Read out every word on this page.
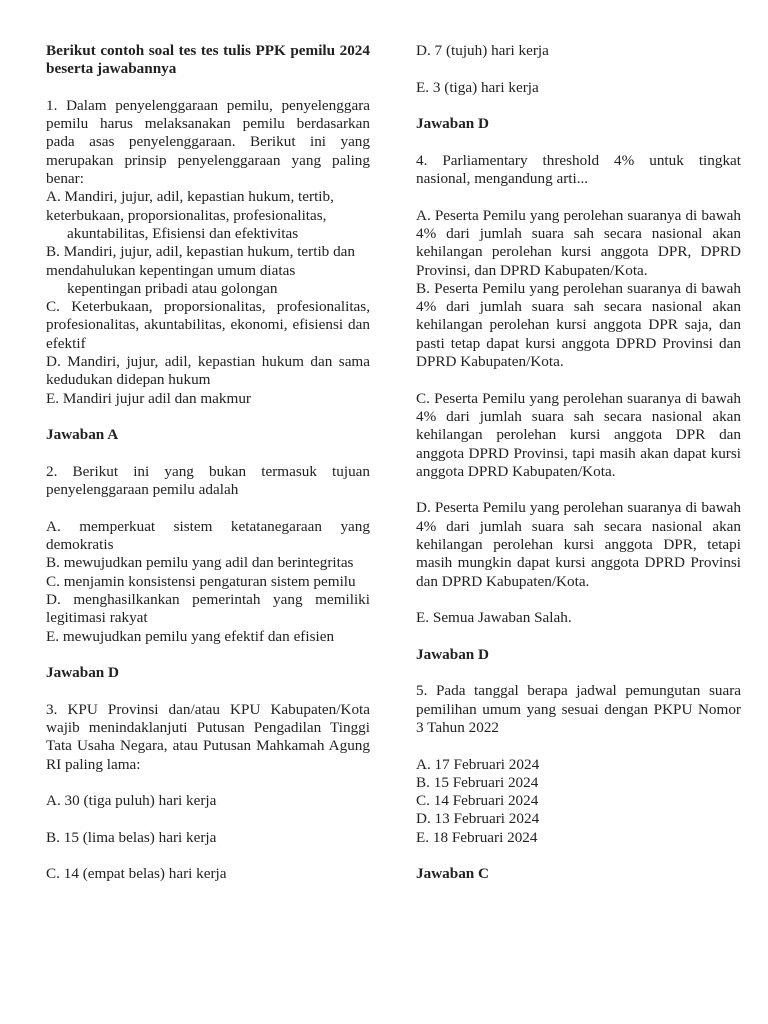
Berikut contoh soal tes tes tulis PPK pemilu 2024 beserta jawabannya

1. Dalam penyelenggaraan pemilu, penyelenggara pemilu harus melaksanakan pemilu berdasarkan pada asas penyelenggaraan. Berikut ini yang merupakan prinsip penyelenggaraan yang paling benar:

A. Mandiri, jujur, adil, kepastian hukum, tertib, keterbukaan, proporsionalitas, profesionalitas,
akuntabilitas, Efisiensi dan efektivitas

B. Mandiri, jujur, adil, kepastian hukum, tertib dan mendahulukan kepentingan umum diatas
kepentingan pribadi atau golongan

C. Keterbukaan, proporsionalitas, profesionalitas, profesionalitas, akuntabilitas, ekonomi, efisiensi dan efektif

D. Mandiri, jujur, adil, kepastian hukum dan sama kedudukan didepan hukum

E. Mandiri jujur adil dan makmur

Jawaban A

2. Berikut ini yang bukan termasuk tujuan penyelenggaraan pemilu adalah

A. memperkuat sistem ketatanegaraan yang demokratis

B. mewujudkan pemilu yang adil dan berintegritas

C. menjamin konsistensi pengaturan sistem pemilu

D. menghasilkankan pemerintah yang memiliki legitimasi rakyat

E. mewujudkan pemilu yang efektif dan efisien

Jawaban D

3. KPU Provinsi dan/atau KPU Kabupaten/Kota wajib menindaklanjuti Putusan Pengadilan Tinggi Tata Usaha Negara, atau Putusan Mahkamah Agung RI paling lama:

A. 30 (tiga puluh) hari kerja

B. 15 (lima belas) hari kerja

C. 14 (empat belas) hari kerja

D. 7 (tujuh) hari kerja

E. 3 (tiga) hari kerja

Jawaban D

4. Parliamentary threshold 4% untuk tingkat nasional, mengandung arti...

A. Peserta Pemilu yang perolehan suaranya di bawah 4% dari jumlah suara sah secara nasional akan kehilangan perolehan kursi anggota DPR, DPRD Provinsi, dan DPRD Kabupaten/Kota.

B. Peserta Pemilu yang perolehan suaranya di bawah 4% dari jumlah suara sah secara nasional akan kehilangan perolehan kursi anggota DPR saja, dan pasti tetap dapat kursi anggota DPRD Provinsi dan DPRD Kabupaten/Kota.

C. Peserta Pemilu yang perolehan suaranya di bawah 4% dari jumlah suara sah secara nasional akan kehilangan perolehan kursi anggota DPR dan anggota DPRD Provinsi, tapi masih akan dapat kursi anggota DPRD Kabupaten/Kota.

D. Peserta Pemilu yang perolehan suaranya di bawah 4% dari jumlah suara sah secara nasional akan kehilangan perolehan kursi anggota DPR, tetapi masih mungkin dapat kursi anggota DPRD Provinsi dan DPRD Kabupaten/Kota.

E. Semua Jawaban Salah.

Jawaban D

5. Pada tanggal berapa jadwal pemungutan suara pemilihan umum yang sesuai dengan PKPU Nomor 3 Tahun 2022

A. 17 Februari 2024

B. 15 Februari 2024

C. 14 Februari 2024

D. 13 Februari 2024

E. 18 Februari 2024

Jawaban C
